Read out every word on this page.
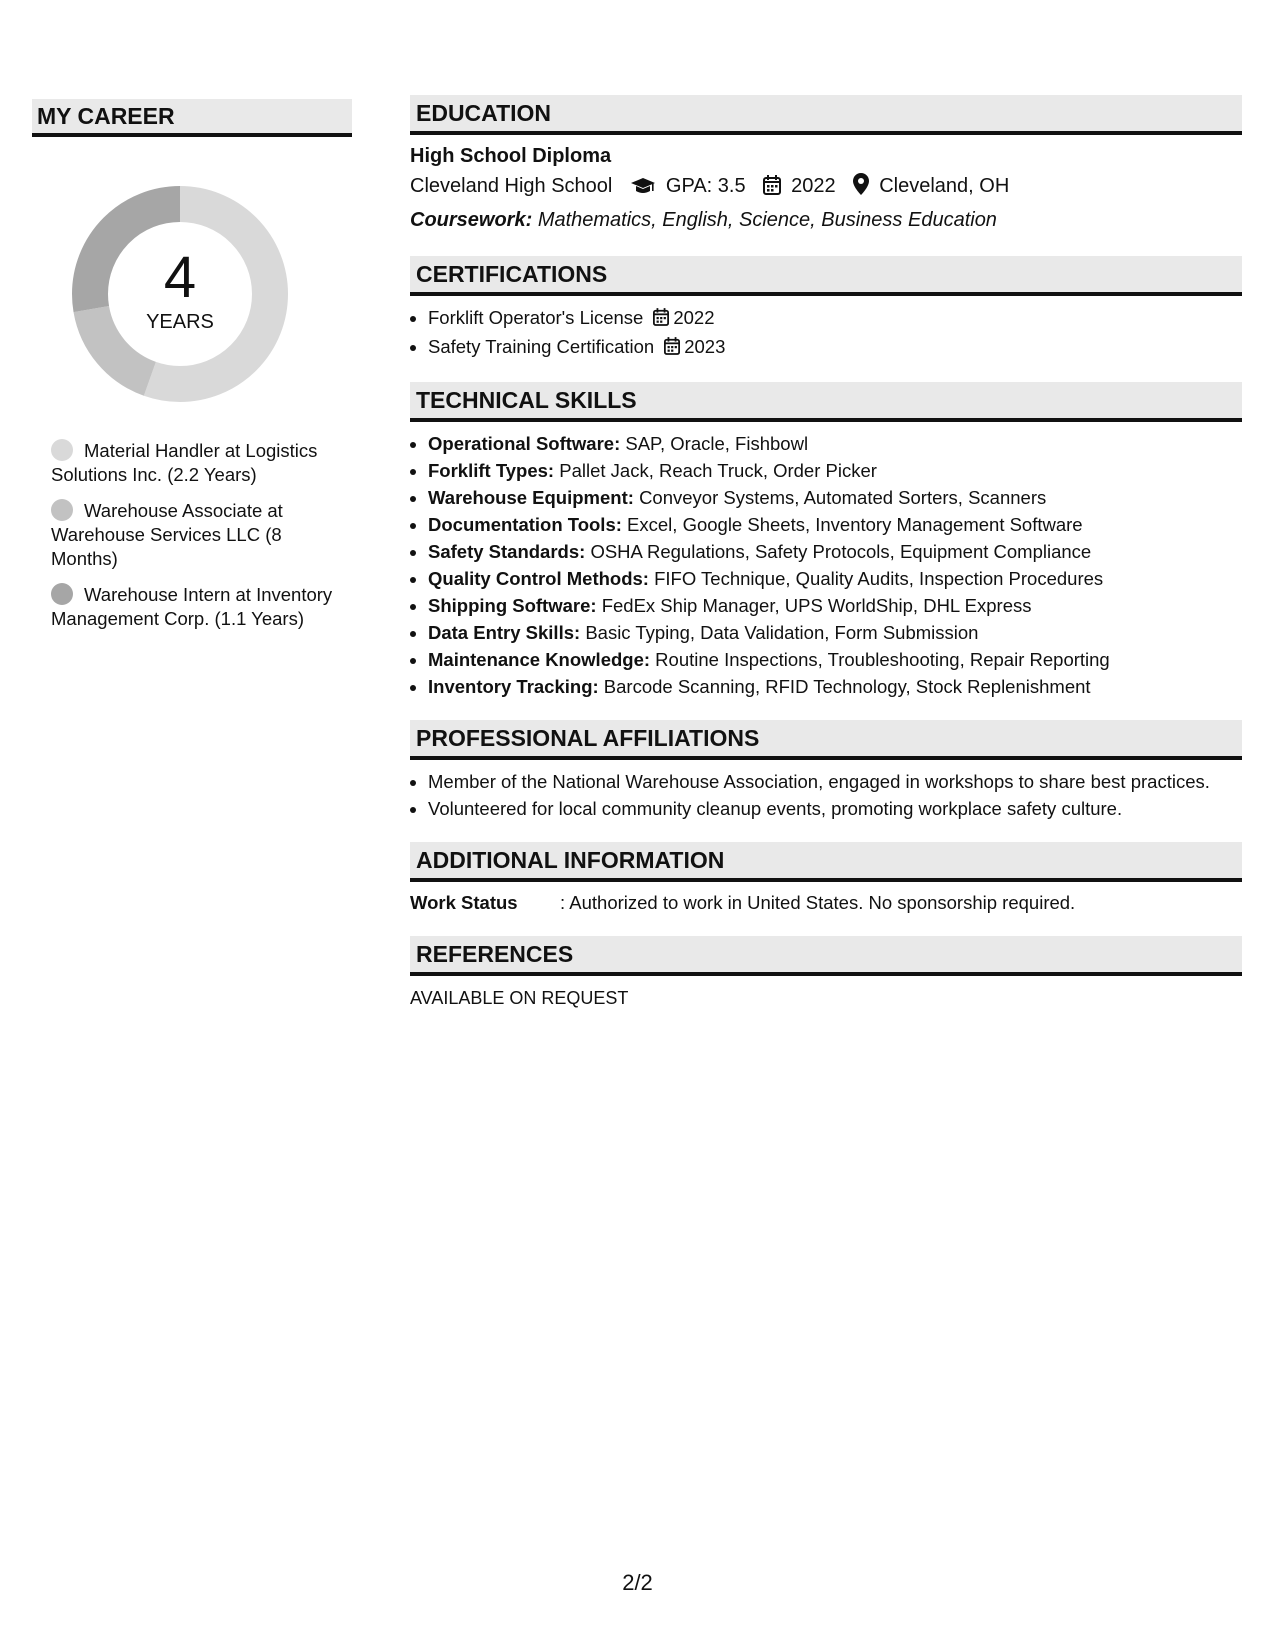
MY CAREER
4
YEARS
Material Handler at Logistics Solutions Inc. (2.2 Years)
Warehouse Associate at Warehouse Services LLC (8 Months)
Warehouse Intern at Inventory Management Corp. (1.1 Years)
EDUCATION

High School Diploma

Cleveland High School	GPA: 3.5 2022 Cleveland, OH
Coursework: Mathematics, English, Science, Business Education
CERTIFICATIONS
• Forklift Operator's License 2022
• Safety Training Certification 2023
TECHNICAL SKILLS
• Operational Software: SAP, Oracle, Fishbowl
• Forklift Types: Pallet Jack, Reach Truck, Order Picker
• Warehouse Equipment: Conveyor Systems, Automated Sorters, Scanners
• Documentation Tools: Excel, Google Sheets, Inventory Management Software
• Safety Standards: OSHA Regulations, Safety Protocols, Equipment Compliance
• Quality Control Methods: FIFO Technique, Quality Audits, Inspection Procedures
• Shipping Software: FedEx Ship Manager, UPS WorldShip, DHL Express
• Data Entry Skills: Basic Typing, Data Validation, Form Submission
• Maintenance Knowledge: Routine Inspections, Troubleshooting, Repair Reporting
• Inventory Tracking: Barcode Scanning, RFID Technology, Stock Replenishment
PROFESSIONAL AFFILIATIONS
• Member of the National Warehouse Association, engaged in workshops to share best practices.
• Volunteered for local community cleanup events, promoting workplace safety culture.
ADDITIONAL INFORMATION
Work Status : Authorized to work in United States. No sponsorship required.
REFERENCES
AVAILABLE ON REQUEST
2/2
